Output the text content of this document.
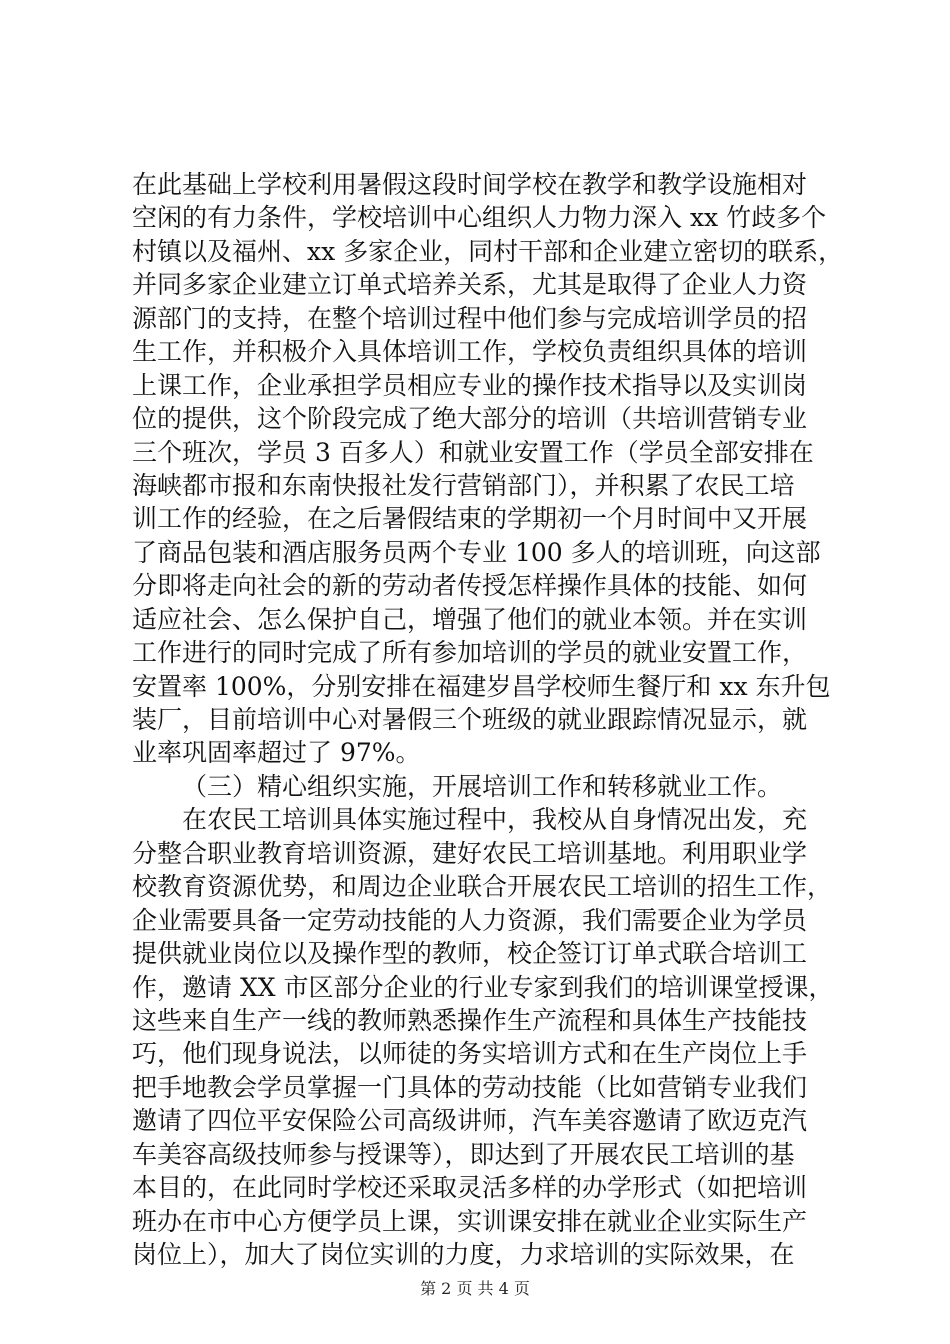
在此基础上学校利用暑假这段时间学校在教学和教学设施相对
空闲的有力条件，学校培训中心组织人力物力深入 xx 竹歧多个
村镇以及福州、xx 多家企业，同村干部和企业建立密切的联系，
并同多家企业建立订单式培养关系，尤其是取得了企业人力资
源部门的支持，在整个培训过程中他们参与完成培训学员的招
生工作，并积极介入具体培训工作，学校负责组织具体的培训
上课工作，企业承担学员相应专业的操作技术指导以及实训岗
位的提供，这个阶段完成了绝大部分的培训（共培训营销专业
三个班次，学员 3 百多人）和就业安置工作（学员全部安排在
海峡都市报和东南快报社发行营销部门），并积累了农民工培
训工作的经验，在之后暑假结束的学期初一个月时间中又开展
了商品包装和酒店服务员两个专业 100 多人的培训班，向这部
分即将走向社会的新的劳动者传授怎样操作具体的技能、如何
适应社会、怎么保护自己，增强了他们的就业本领。并在实训
工作进行的同时完成了所有参加培训的学员的就业安置工作，
安置率 100%，分别安排在福建岁昌学校师生餐厅和 xx 东升包
装厂，目前培训中心对暑假三个班级的就业跟踪情况显示，就
业率巩固率超过了 97%。
（三）精心组织实施，开展培训工作和转移就业工作。
在农民工培训具体实施过程中，我校从自身情况出发，充
分整合职业教育培训资源，建好农民工培训基地。利用职业学
校教育资源优势，和周边企业联合开展农民工培训的招生工作，
企业需要具备一定劳动技能的人力资源，我们需要企业为学员
提供就业岗位以及操作型的教师，校企签订订单式联合培训工
作，邀请 XX 市区部分企业的行业专家到我们的培训课堂授课，
这些来自生产一线的教师熟悉操作生产流程和具体生产技能技
巧，他们现身说法，以师徒的务实培训方式和在生产岗位上手
把手地教会学员掌握一门具体的劳动技能（比如营销专业我们
邀请了四位平安保险公司高级讲师，汽车美容邀请了欧迈克汽
车美容高级技师参与授课等），即达到了开展农民工培训的基
本目的，在此同时学校还采取灵活多样的办学形式（如把培训
班办在市中心方便学员上课，实训课安排在就业企业实际生产
岗位上），加大了岗位实训的力度，力求培训的实际效果，在
第 2 页 共 4 页
